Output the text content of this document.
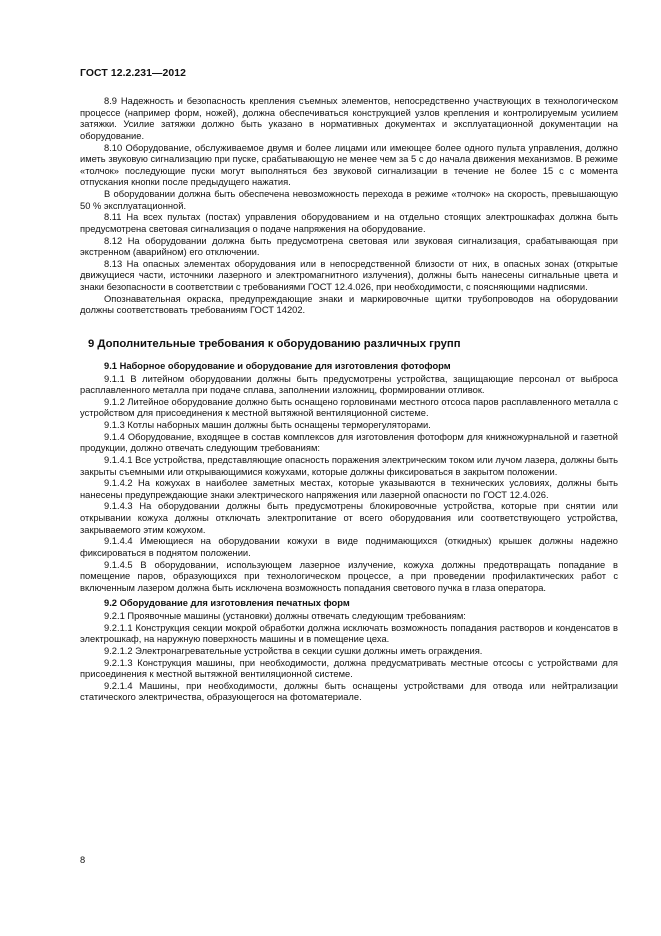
ГОСТ 12.2.231—2012

8.9 Надежность и безопасность крепления съемных элементов, непосредственно участвующих в технологическом процессе (например форм, ножей), должна обеспечиваться конструкцией узлов крепления и контролируемым усилием затяжки. Усилие затяжки должно быть указано в нормативных документах и эксплуатационной документации на оборудование.

8.10 Оборудование, обслуживаемое двумя и более лицами или имеющее более одного пульта управления, должно иметь звуковую сигнализацию при пуске, срабатывающую не менее чем за 5 с до начала движения механизмов. В режиме «толчок» последующие пуски могут выполняться без звуковой сигнализации в течение не более 15 с с момента отпускания кнопки после предыдущего нажатия.

В оборудовании должна быть обеспечена невозможность перехода в режиме «толчок» на скорость, превышающую 50 % эксплуатационной.

8.11 На всех пультах (постах) управления оборудованием и на отдельно стоящих электрошкафах должна быть предусмотрена световая сигнализация о подаче напряжения на оборудование.

8.12 На оборудовании должна быть предусмотрена световая или звуковая сигнализация, срабатывающая при экстренном (аварийном) его отключении.

8.13 На опасных элементах оборудования или в непосредственной близости от них, в опасных зонах (открытые движущиеся части, источники лазерного и электромагнитного излучения), должны быть нанесены сигнальные цвета и знаки безопасности в соответствии с требованиями ГОСТ 12.4.026, при необходимости, с поясняющими надписями.

Опознавательная окраска, предупреждающие знаки и маркировочные щитки трубопроводов на оборудовании должны соответствовать требованиям ГОСТ 14202.

9 Дополнительные требования к оборудованию различных групп

9.1 Наборное оборудование и оборудование для изготовления фотоформ

9.1.1 В литейном оборудовании должны быть предусмотрены устройства, защищающие персонал от выброса расплавленного металла при подаче сплава, заполнении изложниц, формировании отливок.

9.1.2 Литейное оборудование должно быть оснащено горловинами местного отсоса паров расплавленного металла с устройством для присоединения к местной вытяжной вентиляционной системе.

9.1.3 Котлы наборных машин должны быть оснащены терморегуляторами.

9.1.4 Оборудование, входящее в состав комплексов для изготовления фотоформ для книжножурнальной и газетной продукции, должно отвечать следующим требованиям:

9.1.4.1 Все устройства, представляющие опасность поражения электрическим током или лучом лазера, должны быть закрыты съемными или открывающимися кожухами, которые должны фиксироваться в закрытом положении.

9.1.4.2 На кожухах в наиболее заметных местах, которые указываются в технических условиях, должны быть нанесены предупреждающие знаки электрического напряжения или лазерной опасности по ГОСТ 12.4.026.

9.1.4.3 На оборудовании должны быть предусмотрены блокировочные устройства, которые при снятии или открывании кожуха должны отключать электропитание от всего оборудования или соответствующего устройства, закрываемого этим кожухом.

9.1.4.4 Имеющиеся на оборудовании кожухи в виде поднимающихся (откидных) крышек должны надежно фиксироваться в поднятом положении.

9.1.4.5 В оборудовании, использующем лазерное излучение, кожуха должны предотвращать попадание в помещение паров, образующихся при технологическом процессе, а при проведении профилактических работ с включенным лазером должна быть исключена возможность попадания светового пучка в глаза оператора.

9.2 Оборудование для изготовления печатных форм

9.2.1 Проявочные машины (установки) должны отвечать следующим требованиям:

9.2.1.1 Конструкция секции мокрой обработки должна исключать возможность попадания растворов и конденсатов в электрошкаф, на наружную поверхность машины и в помещение цеха.

9.2.1.2 Электронагревательные устройства в секции сушки должны иметь ограждения.

9.2.1.3 Конструкция машины, при необходимости, должна предусматривать местные отсосы с устройствами для присоединения к местной вытяжной вентиляционной системе.

9.2.1.4 Машины, при необходимости, должны быть оснащены устройствами для отвода или нейтрализации статического электричества, образующегося на фотоматериале.

8
